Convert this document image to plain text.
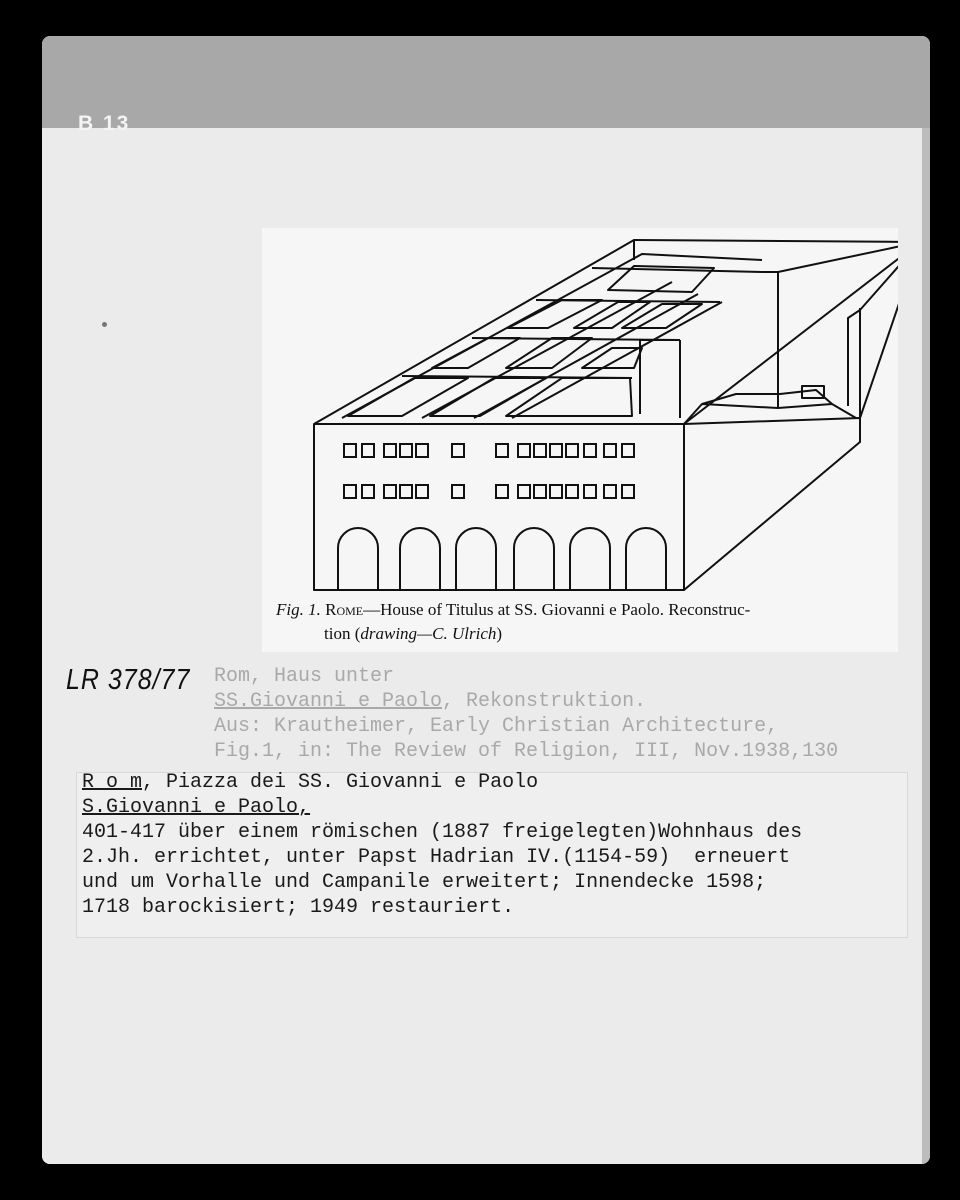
B 13
Fig. 1. Rome—House of Titulus at SS. Giovanni e Paolo. Reconstruc-
tion (drawing—C. Ulrich)
LR 378/77 Rom, Haus unter
SS.Giovanni e Paolo, Rekonstruktion.
Aus: Krautheimer, Early Christian Architecture,
Fig.1, in: The Review of Religion, III, Nov.1938,130
R o m, Piazza dei SS. Giovanni e Paolo
S.Giovanni e Paolo,
401-417 über einem römischen (1887 freigelegten)Wohnhaus des
2.Jh. errichtet, unter Papst Hadrian IV.(1154-59)  erneuert
und um Vorhalle und Campanile erweitert; Innendecke 1598;
1718 barockisiert; 1949 restauriert.
